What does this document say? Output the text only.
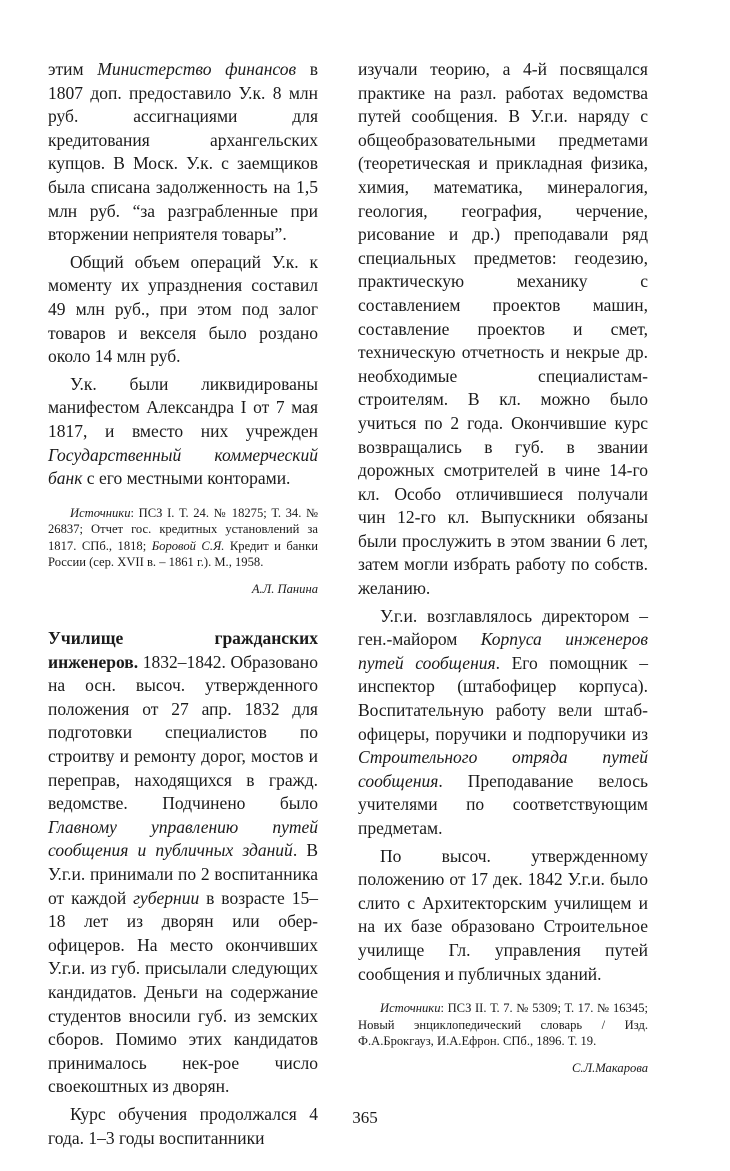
этим Министерство финансов в 1807 доп. предоставило У.к. 8 млн руб. ассигнациями для кредитования архангельских купцов. В Моск. У.к. с заемщиков была списана задолженность на 1,5 млн руб. “за разграбленные при вторжении неприятеля товары”.

Общий объем операций У.к. к моменту их упразднения составил 49 млн руб., при этом под залог товаров и векселя было роздано около 14 млн руб.

У.к. были ликвидированы манифестом Александра I от 7 мая 1817, и вместо них учрежден Государственный коммерческий банк с его местными конторами.

Источники: ПСЗ I. Т. 24. № 18275; Т. 34. № 26837; Отчет гос. кредитных установлений за 1817. СПб., 1818; Боровой С.Я. Кредит и банки России (сер. XVII в. – 1861 г.). М., 1958.

А.Л. Панина

Училище гражданских инженеров. 1832–1842. Образовано на осн. высоч. утвержденного положения от 27 апр. 1832 для подготовки специалистов по строитву и ремонту дорог, мостов и переправ, находящихся в гражд. ведомстве. Подчинено было Главному управлению путей сообщения и публичных зданий. В У.г.и. принимали по 2 воспитанника от каждой губернии в возрасте 15–18 лет из дворян или обер-офицеров. На место окончивших У.г.и. из губ. присылали следующих кандидатов. Деньги на содержание студентов вносили губ. из земских сборов. Помимо этих кандидатов принималось нек-рое число своекоштных из дворян.

Курс обучения продолжался 4 года. 1–3 годы воспитанники

изучали теорию, а 4-й посвящался практике на разл. работах ведомства путей сообщения. В У.г.и. наряду с общеобразовательными предметами (теоретическая и прикладная физика, химия, математика, минералогия, геология, география, черчение, рисование и др.) преподавали ряд специальных предметов: геодезию, практическую механику с составлением проектов машин, составление проектов и смет, техническую отчетность и некрые др. необходимые специалистам-строителям. В кл. можно было учиться по 2 года. Окончившие курс возвращались в губ. в звании дорожных смотрителей в чине 14-го кл. Особо отличившиеся получали чин 12-го кл. Выпускники обязаны были прослужить в этом звании 6 лет, затем могли избрать работу по собств. желанию.

У.г.и. возглавлялось директором – ген.-майором Корпуса инженеров путей сообщения. Его помощник – инспектор (штабофицер корпуса). Воспитательную работу вели штаб-офицеры, поручики и подпоручики из Строительного отряда путей сообщения. Преподавание велось учителями по соответствующим предметам.

По высоч. утвержденному положению от 17 дек. 1842 У.г.и. было слито с Архитекторским училищем и на их базе образовано Строительное училище Гл. управления путей сообщения и публичных зданий.

Источники: ПСЗ II. Т. 7. № 5309; Т. 17. № 16345; Новый энциклопедический словарь / Изд. Ф.А.Брокгауз, И.А.Ефрон. СПб., 1896. Т. 19.

С.Л.Макарова

365
